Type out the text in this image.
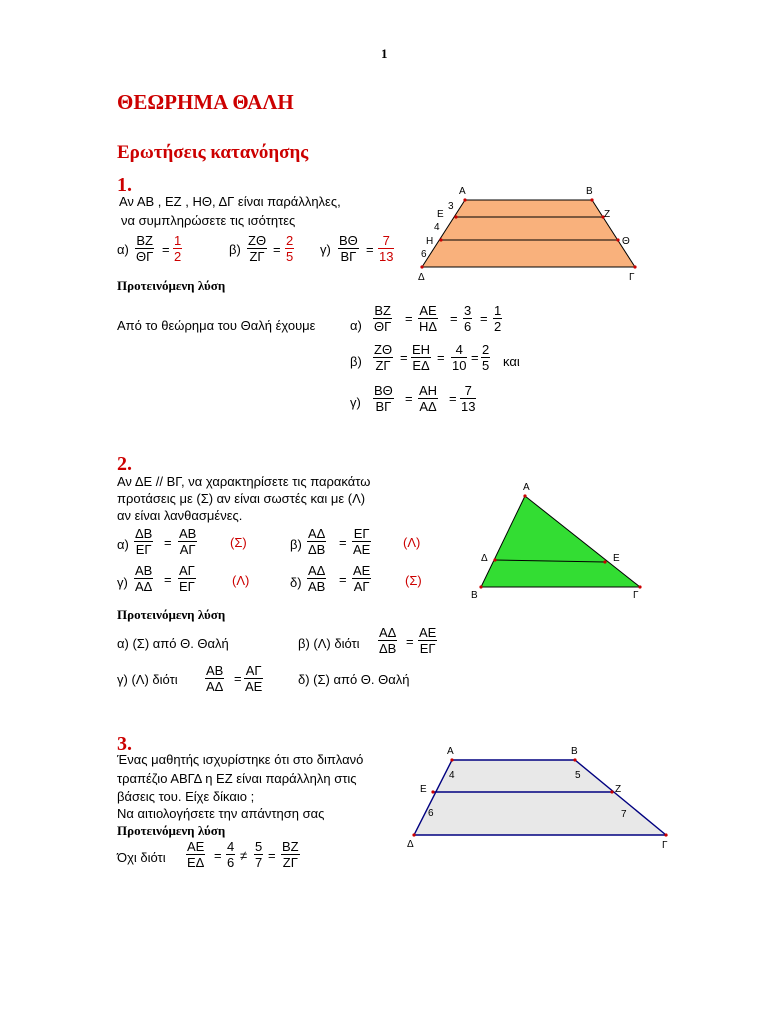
1
ΘΕΩΡΗΜΑ ΘΑΛΗ
Ερωτήσεις κατανόησης
1.
Αν ΑΒ , ΕΖ , ΗΘ, ΔΓ είναι παράλληλες,
να συμπληρώσετε τις ισότητες
$\alpha) \frac{BZ}{\Theta\Gamma} = \frac{1}{2}$	$\beta) \frac{Z\Theta}{Z\Gamma} = \frac{2}{5} \gamma) \frac{B\Theta}{B\Gamma} = \frac{7}{13}$
Α	Β
Ε	Ζ
Η	Θ
Δ	Γ
3
4
6
Προτεινόμενη λύση
Από το θεώρημα του Θαλή έχουμε	$\alpha) \frac{BZ}{\Theta\Gamma} = \frac{AE}{H\Delta} = \frac{3}{6} = \frac{1}{2}$
$\beta) \frac{Z\Theta}{Z\Gamma} = \frac{EH}{E\Delta} = \frac{4}{10} = \frac{2}{5}$ και
$\gamma) \frac{B\Theta}{B\Gamma} = \frac{AH}{A\Delta} = \frac{7}{13}$
2.
Αν ΔΕ // ΒΓ, να χαρακτηρίσετε τις παρακάτω
προτάσεις με (Σ) αν είναι σωστές και με (Λ)
αν είναι λανθασμένες.
$\alpha) \frac{\Delta B}{E\Gamma} = \frac{AB}{A\Gamma}$	(Σ)	$\beta) \frac{A\Delta}{\Delta B} = \frac{E\Gamma}{AE} (\Lambda)$
$\gamma) \frac{AB}{A\Delta} = \frac{A\Gamma}{E\Gamma}$	(Λ)	$\delta) \frac{A\Delta}{AB} = \frac{AE}{A\Gamma}$	(Σ)
Α
Δ	Ε
Β	Γ
Προτεινόμενη λύση
α) (Σ) από Θ. Θαλή	β) (Λ) διότι $\frac{A\Delta}{\Delta B} = \frac{AE}{E\Gamma}$
γ) (Λ) διότι $\frac{AB}{A\Delta} = \frac{A\Gamma}{AE}$	δ) (Σ) από Θ. Θαλή
3.
Ένας μαθητής ισχυρίστηκε ότι στο διπλανό
τραπέζιο ΑΒΓΔ η ΕΖ είναι παράλληλη στις
βάσεις του. Είχε δίκαιο ;
Να αιτιολογήσετε την απάντηση σας
Προτεινόμενη λύση
Όχι διότι $\frac{AE}{E\Delta} = \frac{4}{6} \ne \frac{5}{7} = \frac{BZ}{Z\Gamma}$
Α	Β
Ε	Ζ
Δ	Γ
4	5
6	7
